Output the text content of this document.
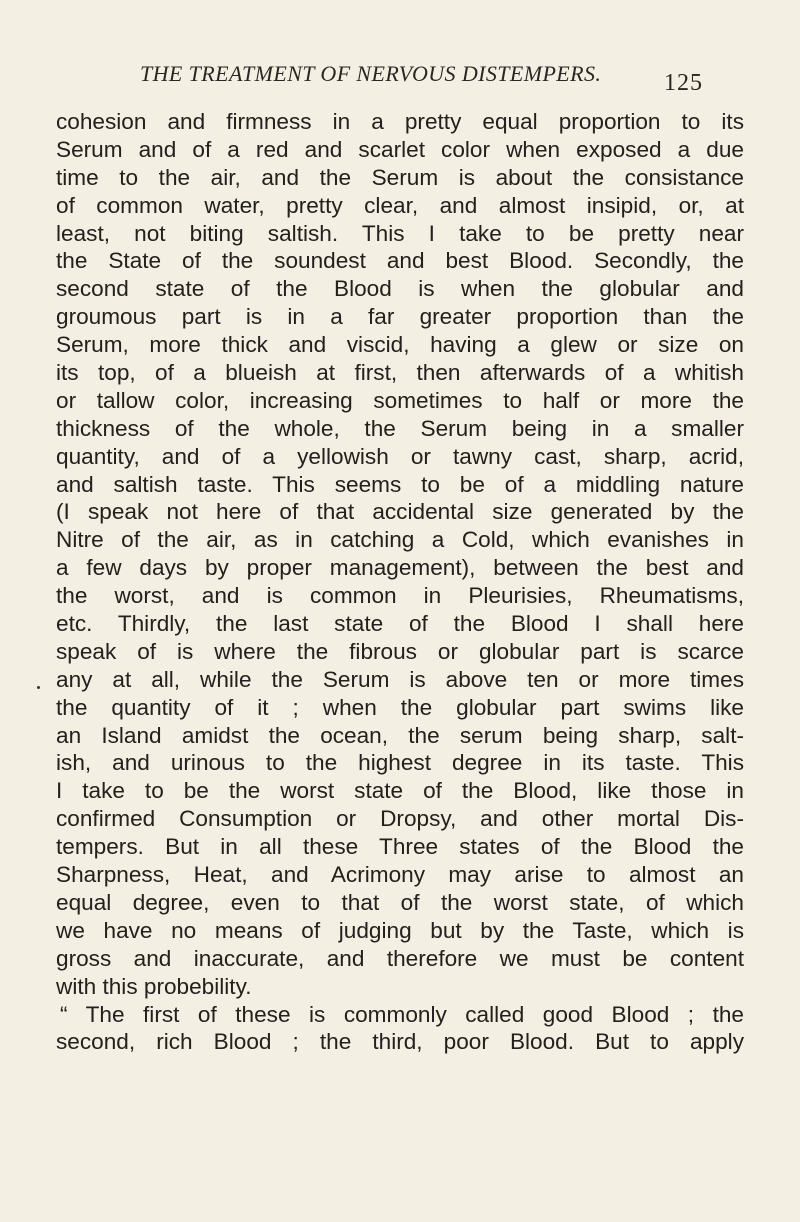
THE TREATMENT OF NERVOUS DISTEMPERS.	125
cohesion and firmness in a pretty equal proportion to its
Serum and of a red and scarlet color when exposed a due
time to the air, and the Serum is about the consistance
of common water, pretty clear, and almost insipid, or, at
least, not biting saltish. This I take to be pretty near
the State of the soundest and best Blood. Secondly, the
second state of the Blood is when the globular and
groumous part is in a far greater proportion than the
Serum, more thick and viscid, having a glew or size on
its top, of a blueish at first, then afterwards of a whitish
or tallow color, increasing sometimes to half or more the
thickness of the whole, the Serum being in a smaller
quantity, and of a yellowish or tawny cast, sharp, acrid,
and saltish taste. This seems to be of a middling nature
(I speak not here of that accidental size generated by the
Nitre of the air, as in catching a Cold, which evanishes in
a few days by proper management), between the best and
the worst, and is common in Pleurisies, Rheumatisms,
etc. Thirdly, the last state of the Blood I shall here
speak of is where the fibrous or globular part is scarce
any at all, while the Serum is above ten or more times
the quantity of it ; when the globular part swims like
an Island amidst the ocean, the serum being sharp, salt-
ish, and urinous to the highest degree in its taste. This
I take to be the worst state of the Blood, like those in
confirmed Consumption or Dropsy, and other mortal Dis-
tempers. But in all these Three states of the Blood the
Sharpness, Heat, and Acrimony may arise to almost an
equal degree, even to that of the worst state, of which
we have no means of judging but by the Taste, which is
gross and inaccurate, and therefore we must be content
with this probebility.
“ The first of these is commonly called good Blood ; the
second, rich Blood ; the third, poor Blood. But to apply
